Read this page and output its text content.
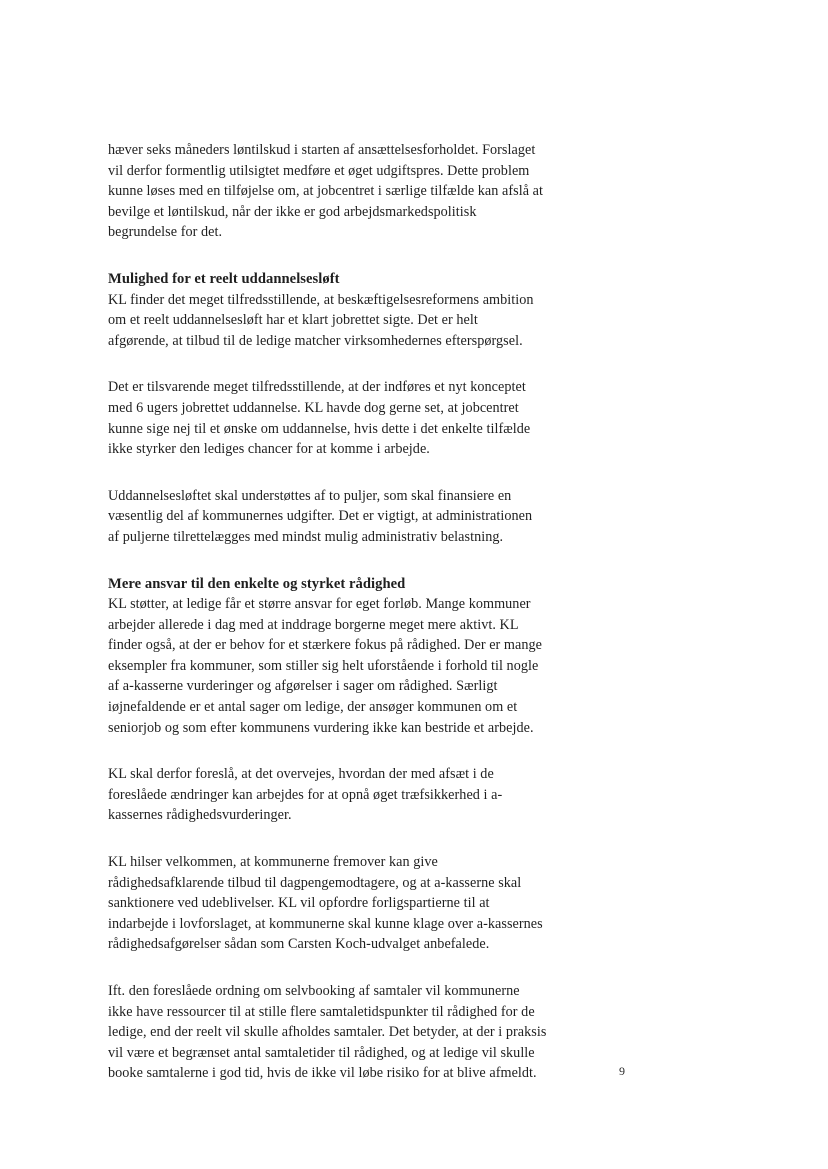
hæver seks måneders løntilskud i starten af ansættelsesforholdet. Forslaget
vil derfor formentlig utilsigtet medføre et øget udgiftspres. Dette problem
kunne løses med en tilføjelse om, at jobcentret i særlige tilfælde kan afslå at
bevilge et løntilskud, når der ikke er god arbejdsmarkedspolitisk
begrundelse for det.

Mulighed for et reelt uddannelsesløft
KL finder det meget tilfredsstillende, at beskæftigelsesreformens ambition
om et reelt uddannelsesløft har et klart jobrettet sigte. Det er helt
afgørende, at tilbud til de ledige matcher virksomhedernes efterspørgsel.

Det er tilsvarende meget tilfredsstillende, at der indføres et nyt konceptet
med 6 ugers jobrettet uddannelse. KL havde dog gerne set, at jobcentret
kunne sige nej til et ønske om uddannelse, hvis dette i det enkelte tilfælde
ikke styrker den lediges chancer for at komme i arbejde.

Uddannelsesløftet skal understøttes af to puljer, som skal finansiere en
væsentlig del af kommunernes udgifter. Det er vigtigt, at administrationen
af puljerne tilrettelægges med mindst mulig administrativ belastning.

Mere ansvar til den enkelte og styrket rådighed
KL støtter, at ledige får et større ansvar for eget forløb. Mange kommuner
arbejder allerede i dag med at inddrage borgerne meget mere aktivt. KL
finder også, at der er behov for et stærkere fokus på rådighed. Der er mange
eksempler fra kommuner, som stiller sig helt uforstående i forhold til nogle
af a-kasserne vurderinger og afgørelser i sager om rådighed. Særligt
iøjnefaldende er et antal sager om ledige, der ansøger kommunen om et
seniorjob og som efter kommunens vurdering ikke kan bestride et arbejde.

KL skal derfor foreslå, at det overvejes, hvordan der med afsæt i de
foreslåede ændringer kan arbejdes for at opnå øget træfsikkerhed i a-
kassernes rådighedsvurderinger.

KL hilser velkommen, at kommunerne fremover kan give
rådighedsafklarende tilbud til dagpengemodtagere, og at a-kasserne skal
sanktionere ved udeblivelser. KL vil opfordre forligspartierne til at
indarbejde i lovforslaget, at kommunerne skal kunne klage over a-kassernes
rådighedsafgørelser sådan som Carsten Koch-udvalget anbefalede.

Ift. den foreslåede ordning om selvbooking af samtaler vil kommunerne
ikke have ressourcer til at stille flere samtaletidspunkter til rådighed for de
ledige, end der reelt vil skulle afholdes samtaler. Det betyder, at der i praksis
vil være et begrænset antal samtaletider til rådighed, og at ledige vil skulle
booke samtalerne i god tid, hvis de ikke vil løbe risiko for at blive afmeldt.	9
